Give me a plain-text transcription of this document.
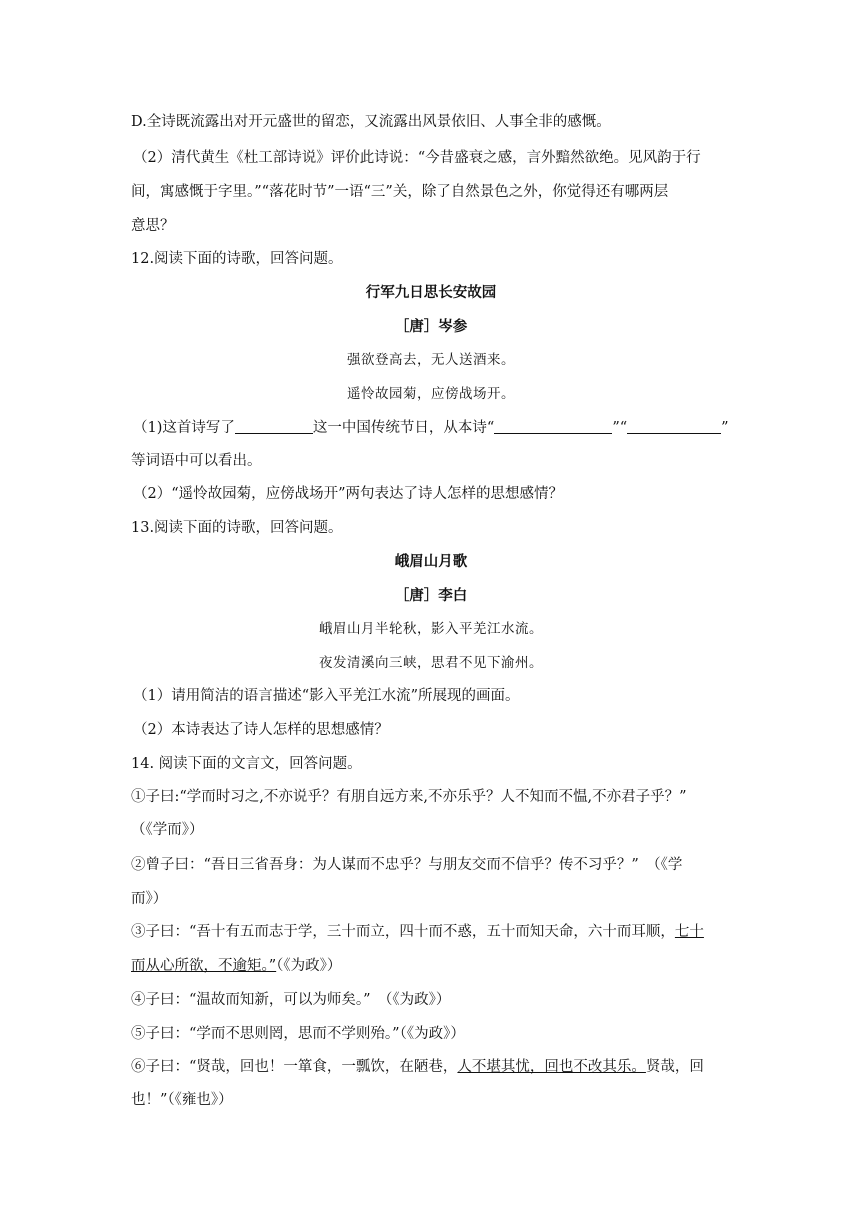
D.全诗既流露出对开元盛世的留恋，又流露出风景依旧、人事全非的感慨。
（2）清代黄生《杜工部诗说》评价此诗说：“今昔盛衰之感，言外黯然欲绝。见风韵于行
间，寓感慨于字里。”“落花时节”一语“三”关，除了自然景色之外，你觉得还有哪两层
意思？
12.阅读下面的诗歌，回答问题。
行军九日思长安故园
［唐］岑参
强欲登高去，无人送酒来。
遥怜故园菊，应傍战场开。
（1)这首诗写了	这一中国传统节日，从本诗“	”“	”
等词语中可以看出。
（2）“遥怜故园菊，应傍战场开”两句表达了诗人怎样的思想感情？
13.阅读下面的诗歌，回答问题。
峨眉山月歌
［唐］李白
峨眉山月半轮秋，影入平羌江水流。
夜发清溪向三峡，思君不见下渝州。
（1）请用简洁的语言描述“影入平羌江水流”所展现的画面。
（2）本诗表达了诗人怎样的思想感情？
14. 阅读下面的文言文，回答问题。
①子曰:“学而时习之,不亦说乎？有朋自远方来,不亦乐乎？人不知而不愠,不亦君子乎？”
（《学而》）
②曾子曰：“吾日三省吾身：为人谋而不忠乎？与朋友交而不信乎？传不习乎？”　（《学
而》）
③子曰：“吾十有五而志于学，三十而立，四十而不惑，五十而知天命，六十而耳顺，七十
而从心所欲，不逾矩。”（《为政》）
④子曰：“温故而知新，可以为师矣。”　（《为政》）
⑤子曰：“学而不思则罔，思而不学则殆。”（《为政》）
⑥子曰：“贤哉，回也！一箪食，一瓢饮，在陋巷，人不堪其忧，回也不改其乐。贤哉，回
也！”（《雍也》）
